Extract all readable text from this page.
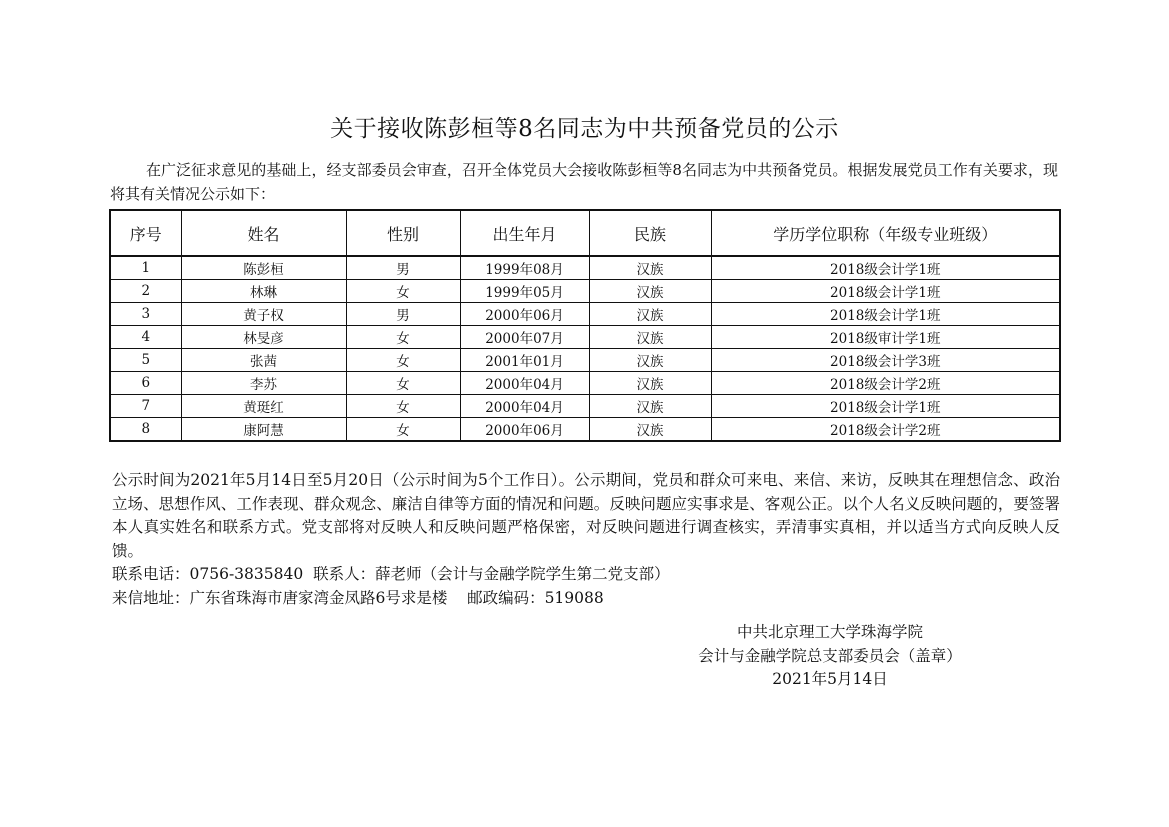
关于接收陈彭桓等8名同志为中共预备党员的公示
在广泛征求意见的基础上，经支部委员会审查，召开全体党员大会接收陈彭桓等8名同志为中共预备党员。根据发展党员工作有关要求，现将其有关情况公示如下：
序号	姓名	性别	出生年月	民族	学历学位职称（年级专业班级）
1	陈彭桓	男	1999年08月	汉族	2018级会计学1班
2	林琳	女	1999年05月	汉族	2018级会计学1班
3	黄子权	男	2000年06月	汉族	2018级会计学1班
4	林旻彦	女	2000年07月	汉族	2018级审计学1班
5	张茜	女	2001年01月	汉族	2018级会计学3班
6	李苏	女	2000年04月	汉族	2018级会计学2班
7	黄珽红	女	2000年04月	汉族	2018级会计学1班
8	康阿慧	女	2000年06月	汉族	2018级会计学2班

公示时间为2021年5月14日至5月20日（公示时间为5个工作日）。公示期间，党员和群众可来电、来信、来访，反映其在理想信念、政治立场、思想作风、工作表现、群众观念、廉洁自律等方面的情况和问题。反映问题应实事求是、客观公正。以个人名义反映问题的，要签署本人真实姓名和联系方式。党支部将对反映人和反映问题严格保密，对反映问题进行调查核实，弄清事实真相，并以适当方式向反映人反馈。

联系电话：0756-3835840  联系人：薛老师（会计与金融学院学生第二党支部）

来信地址：广东省珠海市唐家湾金凤路6号求是楼    邮政编码：519088

中共北京理工大学珠海学院
会计与金融学院总支部委员会（盖章）
2021年5月14日
